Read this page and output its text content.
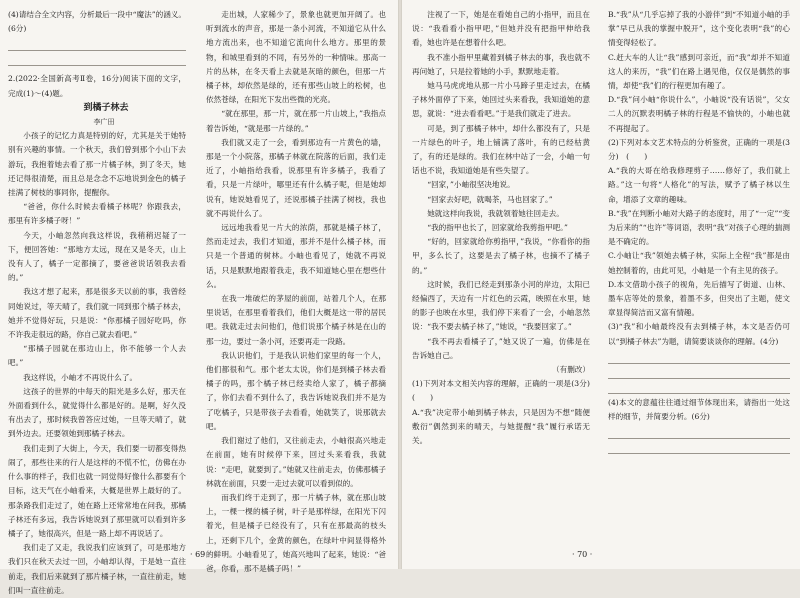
(4)请结合全文内容，分析最后一段中“魔法”的涵义。(6分)

2.(2022·全国新高考Ⅱ卷，16分)阅读下面的文字，完成(1)～(4)题。

到橘子林去

李广田

小孩子的记忆力真是特别的好，尤其是关于她特别有兴趣的事情。一个秋天，我们曾到那个小山下去游玩，我抱着她去看了那一片橘子林，到了冬天，她还记得很清楚，而且总是念念不忘地说到金色的橘子挂满了树枝的事同你，提醒你。

“爸爸，你什么时候去看橘子林呢？你跟我去，那里有许多橘子呀！”

今天，小岫忽然向我这样说，我稍稍迟疑了一下，便回答她：“那地方太远，现在又是冬天，山上没有人了，橘子一定都摘了，要爸爸说话领我去看的。”

我这才想了起来，那是很多天以前的事，我曾经同她说过，等天晴了，我们就一同到那个橘子林去，她并不觉得好玩，只是说：“你那橘子园好吃吗，你不许我走很远的路，你自己就去看吧。”

“那橘子园就在那边山上，你不能够一个人去吧。”

我这样说，小岫才不再说什么了。

这孩子的世界的中每天的阳光是多么好，那天在外面看到什么，就觉得什么都是好的。是啊，好久没有出去了，那时候我曾答应过她，一旦等天晴了，就到外边去。还要领她到那橘子林去。

我们走到了大街上，今天，我们要一切都变得热闹了，那些往来的行人是这样的不慌不忙，仿佛在办什么事的样子，我们也就一同觉得好像什么都要有个目标，这天气在小岫看来，大概是世界上最好的了。那条路我们走过了，她在路上还常常地在问我，那橘子林还有多远，我告诉她说到了那里就可以看到许多橘子了，她很高兴，但是一路上却不再说话了。

我们走了又走，我说我们应该到了，可是那地方我们只在秋天去过一回，小岫却认得，于是她一直往前走，我们后来就到了那片橘子林，一直往前走，她们叫一直往前走。

走出城，人家稀少了，景象也就更加开阔了。也听到流水的声音，那是一条小河流，不知道它从什么地方流出来，也不知道它流向什么地方。那里的景物，和城里看到的不同，有另外的一种情味。那高一片的丛林，在冬天看上去就是灰暗的颜色，但那一片橘子林，却依然是绿的，还有那些山坡上的松树，也依然苍绿，在阳光下发出些微的光亮。

“就在那里，那一片，就在那一片山坡上，”我指点着告诉她，“就是那一片绿的。”

我们就又走了一会，看到那边有一片黄色的墙，那是一个小院落，那橘子林就在院落的后面，我们走近了，小岫指给我看，说那里有许多橘子，我看了看，只是一片绿叶，哪里还有什么橘子呢，但是她却说有，她说她看见了，还说那橘子挂满了树枝，我也就不再说什么了。

远远地我看见一片大的浓荫，那就是橘子林了，然而走过去，我们才知道，那并不是什么橘子林，而只是一个普通的树林。小岫也看见了，她就不再说话，只是默默地跟着我走，我不知道她心里在想些什么。

在我一堆破烂的茅屋的前面，站着几个人，在那里说话，在那里看着我们，他们大概是这一带的居民吧。我就走过去问他们，他们说那个橘子林是在山的那一边，要过一条小河，还要再走一段路。

我认识他们，于是我认识他们家里的每一个人，他们都很和气。那个老太太说，你们是到橘子林去看橘子的吗，那个橘子林已经卖给人家了，橘子都摘了，你们去看不到什么了，我告诉她说我们并不是为了吃橘子，只是带孩子去看看，她就笑了，说那就去吧。

我们谢过了他们，又往前走去，小岫很高兴地走在前面，她有时候停下来，回过头来看我，我就说：“走吧，就要到了。”她就又往前走去，仿佛那橘子林就在前面，只要一走过去就可以看到似的。

而我们终于走到了，那一片橘子林，就在那山坡上，一棵一棵的橘子树，叶子是那样绿，在阳光下闪着光，但是橘子已经没有了，只有在那最高的枝头上，还剩下几个，金黄的颜色，在绿叶中间显得格外的鲜明。小岫看见了，她高兴地叫了起来，她说：“爸爸，你看，那不是橘子吗！”

· 69 ·

注视了一下，她是在看她自己的小指甲，而且在说：“我看看小指甲吧，”但她并没有把指甲伸给我看，她也许是在想着什么吧。

我不准小指甲里藏着到橘子林去的事，我也就不再问她了，只是拉着她的小手，默默地走着。

她马马虎虎地从那一片小马蹄子里走过去，在橘子林外面停了下来，她回过头来看我，我知道她的意思，就说：“进去看看吧。”于是我们就走了进去。

可是，到了那橘子林中，却什么都没有了，只是一片绿色的叶子，地上铺满了落叶，有的已经枯黄了，有的还是绿的。我们在林中站了一会，小岫一句话也不说，我知道她是有些失望了。

“回家，”小岫很坚决地说。

“回家去好吧，就喝茶，马也回家了。”

她就这样向我说，我就领着她往回走去。

“我的指甲也长了，回家就给我剪指甲吧。”

“好的，回家就给你剪指甲，”我说，“你看你的指甲，多么长了，这要是去了橘子林，也摘不了橘子的。”

这时候，我们已经走到那条小河的岸边，太阳已经偏西了，天边有一片红色的云霞，映照在水里，她的影子也映在水里，我们停下来看了一会，小岫忽然说：“我不要去橘子林了，”她说，“我要回家了。”

“我不再去看橘子了，”她又说了一遍，仿佛是在告诉她自己。

（有删改）

(1)下列对本文相关内容的理解，正确的一项是(3分)　(　　)

A.“我”决定带小岫到橘子林去，只是因为不想“随便敷衍”偶然到来的晴天，与她提醒“我”履行承诺无关。

B.“我”从“几乎忘掉了我的小游伴”到“不知道小岫的手掌”早已从我的掌握中脱开”，这个变化表明“我”的心情变得轻松了。

C.赶大车的人让“我”感到可亲近，而“我”却并不知道这人的来历，“我”们在路上遇见他，仅仅是偶然的事情，却使“我”们的行程更加有趣了。

D.“我”问小岫“你说什么”，小岫说“没有话说”，父女二人的沉默表明橘子林的行程是不愉快的，小岫也就不再提起了。

(2)下列对本文艺术特点的分析鉴赏，正确的一项是(3分)　(　　)

A.“我的大哥在给我修理剪子……修好了，我们就上路。”这一句将“人格化”的写法，赋予了橘子林以生命，增添了文章的趣味。

B.“我”在判断小岫对大路子的态度时，用了“一定”“变为后来的”“也许”等词语，表明“我”对孩子心理的揣测是不确定的。

C.小岫让“我”领她去橘子林，实际上全程“我”都是由她控制着的，由此可见，小岫是一个有主见的孩子。

D.本文借助小孩子的视角，先后描写了街道、山林、墨车店等处的景象，着墨不多，但突出了主题，使文章显得简洁而又富有情趣。

(3)“我”和小岫最终没有去到橘子林，本文是否仍可以“到橘子林去”为题，请简要谈谈你的理解。(4分)

(4)本文的意蕴往往通过细节体现出来，请指出一处这样的细节，并简要分析。(6分)

· 70 ·
